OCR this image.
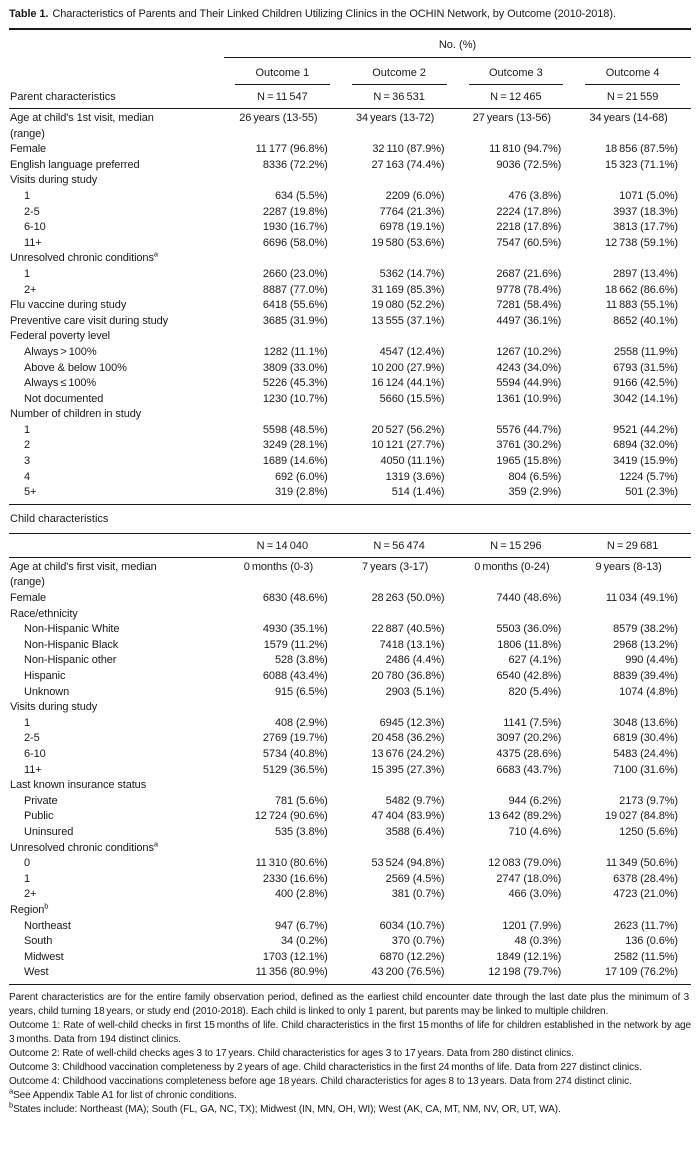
Table 1. Characteristics of Parents and Their Linked Children Utilizing Clinics in the OCHIN Network, by Outcome (2010-2018).

No. (%)
Outcome 1	Outcome 2	Outcome 3	Outcome 4
Parent characteristics	N = 11 547	N = 36 531	N = 12 465	N = 21 559
Age at child's 1st visit, median (range)
26 years (13-55)	34 years (13-72)	27 years (13-56)	34 years (14-68)
Female	11 177 (96.8%)	32 110 (87.9%)	11 810 (94.7%)	18 856 (87.5%)
English language preferred	8336 (72.2%)	27 163 (74.4%)	9036 (72.5%)	15 323 (71.1%)
Visits during study
1	634 (5.5%)	2209 (6.0%)	476 (3.8%)	1071 (5.0%)
2-5	2287 (19.8%)	7764 (21.3%)	2224 (17.8%)	3937 (18.3%)
6-10	1930 (16.7%)	6978 (19.1%)	2218 (17.8%)	3813 (17.7%)
11+	6696 (58.0%)	19 580 (53.6%)	7547 (60.5%)	12 738 (59.1%)
Unresolved chronic conditions$^a$
1	2660 (23.0%)	5362 (14.7%)	2687 (21.6%)	2897 (13.4%)
2+	8887 (77.0%)	31 169 (85.3%)	9778 (78.4%)	18 662 (86.6%)
Flu vaccine during study	6418 (55.6%)	19 080 (52.2%)	7281 (58.4%)	11 883 (55.1%)
Preventive care visit during study	3685 (31.9%)	13 555 (37.1%)	4497 (36.1%)	8652 (40.1%)
Federal poverty level
Always > 100%	1282 (11.1%)	4547 (12.4%)	1267 (10.2%)	2558 (11.9%)
Above & below 100%	3809 (33.0%)	10 200 (27.9%)	4243 (34.0%)	6793 (31.5%)
Always ≤ 100%	5226 (45.3%)	16 124 (44.1%)	5594 (44.9%)	9166 (42.5%)
Not documented	1230 (10.7%)	5660 (15.5%)	1361 (10.9%)	3042 (14.1%)
Number of children in study
1	5598 (48.5%)	20 527 (56.2%)	5576 (44.7%)	9521 (44.2%)
2	3249 (28.1%)	10 121 (27.7%)	3761 (30.2%)	6894 (32.0%)
3	1689 (14.6%)	4050 (11.1%)	1965 (15.8%)	3419 (15.9%)
4	692 (6.0%)	1319 (3.6%)	804 (6.5%)	1224 (5.7%)
5+	319 (2.8%)	514 (1.4%)	359 (2.9%)	501 (2.3%)
Child characteristics
N = 14 040	N = 56 474	N = 15 296	N = 29 681
Age at child's first visit, median (range)
0 months (0-3)	7 years (3-17)	0 months (0-24)	9 years (8-13)
Female	6830 (48.6%)	28 263 (50.0%)	7440 (48.6%)	11 034 (49.1%)
Race/ethnicity
Non-Hispanic White	4930 (35.1%)	22 887 (40.5%)	5503 (36.0%)	8579 (38.2%)
Non-Hispanic Black	1579 (11.2%)	7418 (13.1%)	1806 (11.8%)	2968 (13.2%)
Non-Hispanic other	528 (3.8%)	2486 (4.4%)	627 (4.1%)	990 (4.4%)
Hispanic	6088 (43.4%)	20 780 (36.8%)	6540 (42.8%)	8839 (39.4%)
Unknown	915 (6.5%)	2903 (5.1%)	820 (5.4%)	1074 (4.8%)
Visits during study
1	408 (2.9%)	6945 (12.3%)	1141 (7.5%)	3048 (13.6%)
2-5	2769 (19.7%)	20 458 (36.2%)	3097 (20.2%)	6819 (30.4%)
6-10	5734 (40.8%)	13 676 (24.2%)	4375 (28.6%)	5483 (24.4%)
11+	5129 (36.5%)	15 395 (27.3%)	6683 (43.7%)	7100 (31.6%)
Last known insurance status
Private	781 (5.6%)	5482 (9.7%)	944 (6.2%)	2173 (9.7%)
Public	12 724 (90.6%)	47 404 (83.9%)	13 642 (89.2%)	19 027 (84.8%)
Uninsured	535 (3.8%)	3588 (6.4%)	710 (4.6%)	1250 (5.6%)
Unresolved chronic conditions$^a$
0	11 310 (80.6%)	53 524 (94.8%)	12 083 (79.0%)	11 349 (50.6%)
1	2330 (16.6%)	2569 (4.5%)	2747 (18.0%)	6378 (28.4%)
2+	400 (2.8%)	381 (0.7%)	466 (3.0%)	4723 (21.0%)
Region$^b$
Northeast	947 (6.7%)	6034 (10.7%)	1201 (7.9%)	2623 (11.7%)
South	34 (0.2%)	370 (0.7%)	48 (0.3%)	136 (0.6%)
Midwest	1703 (12.1%)	6870 (12.2%)	1849 (12.1%)	2582 (11.5%)
West	11 356 (80.9%)	43 200 (76.5%)	12 198 (79.7%)	17 109 (76.2%)

Parent characteristics are for the entire family observation period, defined as the earliest child encounter date through the last date plus the minimum of 3 years, child turning 18 years, or study end (2010-2018). Each child is linked to only 1 parent, but parents may be linked to multiple children.

Outcome 1: Rate of well-child checks in first 15 months of life. Child characteristics in the first 15 months of life for children established in the network by age 3 months. Data from 194 distinct clinics.

Outcome 2: Rate of well-child checks ages 3 to 17 years. Child characteristics for ages 3 to 17 years. Data from 280 distinct clinics.

Outcome 3: Childhood vaccination completeness by 2 years of age. Child characteristics in the first 24 months of life. Data from 227 distinct clinics.

Outcome 4: Childhood vaccinations completeness before age 18 years. Child characteristics for ages 8 to 13 years. Data from 274 distinct clinic.

$^a$See Appendix Table A1 for list of chronic conditions.

$^b$States include: Northeast (MA); South (FL, GA, NC, TX); Midwest (IN, MN, OH, WI); West (AK, CA, MT, NM, NV, OR, UT, WA).
